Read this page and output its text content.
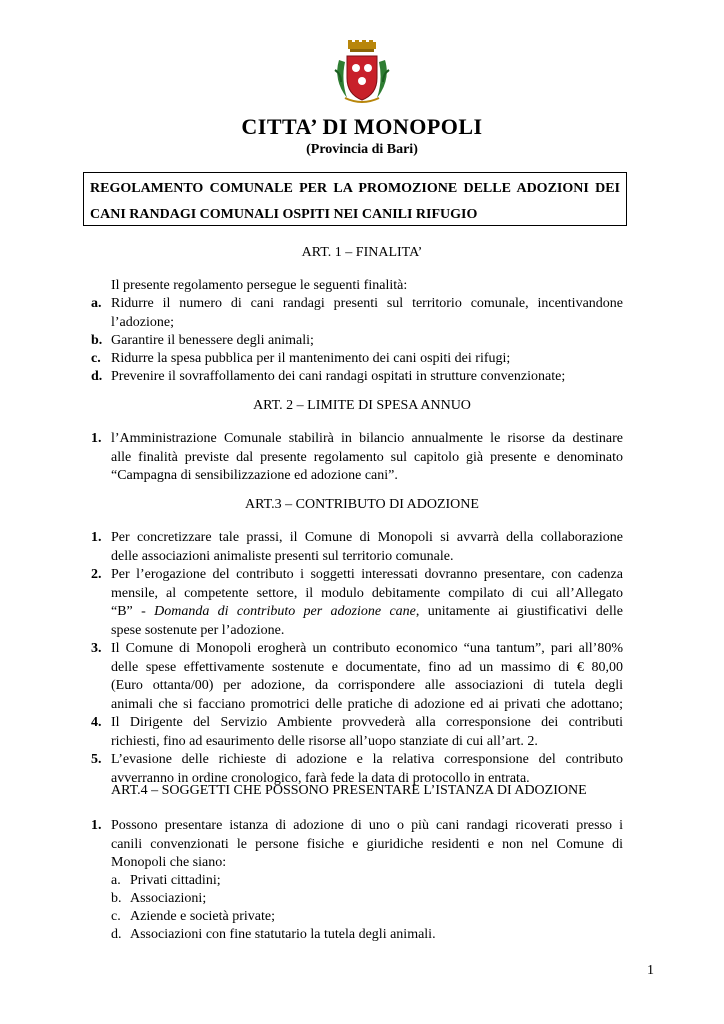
CITTA’ DI MONOPOLI
(Provincia di Bari)
REGOLAMENTO COMUNALE PER LA PROMOZIONE DELLE ADOZIONI DEI
CANI RANDAGI COMUNALI OSPITI NEI CANILI RIFUGIO
ART. 1 – FINALITA’
Il presente regolamento persegue le seguenti finalità:
a. Ridurre il numero di cani randagi presenti sul territorio comunale, incentivandone
l’adozione;
b. Garantire il benessere degli animali;
c. Ridurre la spesa pubblica per il mantenimento dei cani ospiti dei rifugi;
d. Prevenire il sovraffollamento dei cani randagi ospitati in strutture convenzionate;
ART. 2 – LIMITE DI SPESA ANNUO
1. l’Amministrazione Comunale stabilirà in bilancio annualmente le risorse da destinare
alle finalità previste dal presente regolamento sul capitolo già presente e denominato
“Campagna di sensibilizzazione ed adozione cani”.
ART.3 – CONTRIBUTO DI ADOZIONE
1. Per concretizzare tale prassi, il Comune di Monopoli si avvarrà della collaborazione
delle associazioni animaliste presenti sul territorio comunale.
2. Per l’erogazione del contributo i soggetti interessati dovranno presentare, con cadenza
mensile, al competente settore, il modulo debitamente compilato di cui all’Allegato
“B” - Domanda di contributo per adozione cane, unitamente ai giustificativi delle
spese sostenute per l’adozione.
3. Il Comune di Monopoli erogherà un contributo economico “una tantum”, pari all’80%
delle spese effettivamente sostenute e documentate, fino ad un massimo di € 80,00
(Euro ottanta/00) per adozione, da corrispondere alle associazioni di tutela degli
animali che si facciano promotrici delle pratiche di adozione ed ai privati che adottano;
4. Il Dirigente del Servizio Ambiente provvederà alla corresponsione dei contributi
richiesti, fino ad esaurimento delle risorse all’uopo stanziate di cui all’art. 2.
5. L’evasione delle richieste di adozione e la relativa corresponsione del contributo
avverranno in ordine cronologico, farà fede la data di protocollo in entrata.
ART.4 – SOGGETTI CHE POSSONO PRESENTARE L’ISTANZA DI ADOZIONE
1. Possono presentare istanza di adozione di uno o più cani randagi ricoverati presso i
canili convenzionati le persone fisiche e giuridiche residenti e non nel Comune di
Monopoli che siano:
a. Privati cittadini;
b. Associazioni;
c. Aziende e società private;
d. Associazioni con fine statutario la tutela degli animali.
1
